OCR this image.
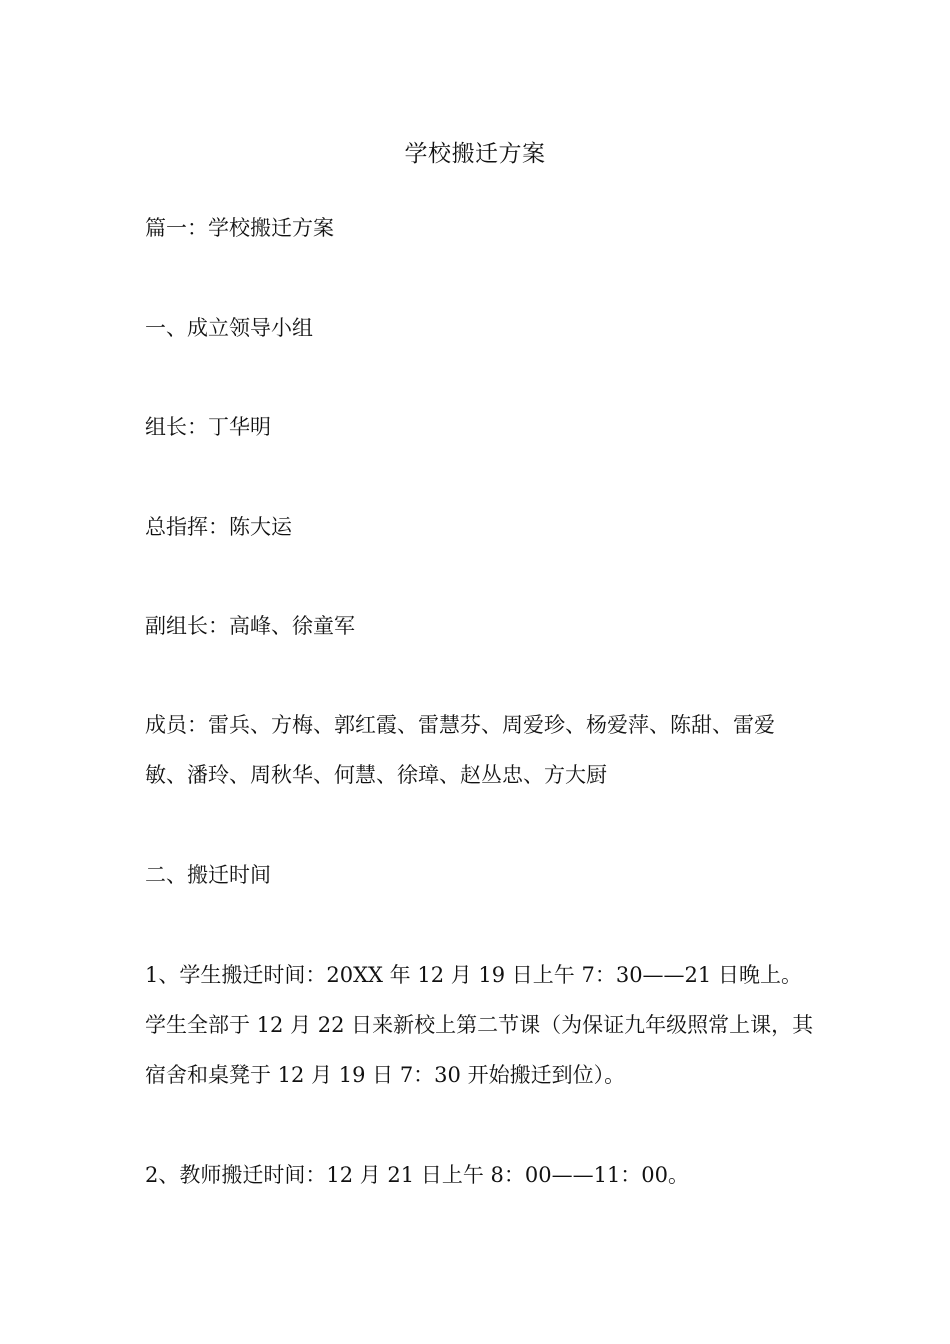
学校搬迁方案

篇一：学校搬迁方案

一、成立领导小组

组长：丁华明

总指挥：陈大运

副组长：高峰、徐童军

成员：雷兵、方梅、郭红霞、雷慧芬、周爱珍、杨爱萍、陈甜、雷爱敏、潘玲、周秋华、何慧、徐璋、赵丛忠、方大厨

二、搬迁时间

1、学生搬迁时间：20XX 年 12 月 19 日上午 7：30——21 日晚上。学生全部于 12 月 22 日来新校上第二节课（为保证九年级照常上课，其宿舍和桌凳于 12 月 19 日 7：30 开始搬迁到位）。

2、教师搬迁时间：12 月 21 日上午 8：00——11：00。
